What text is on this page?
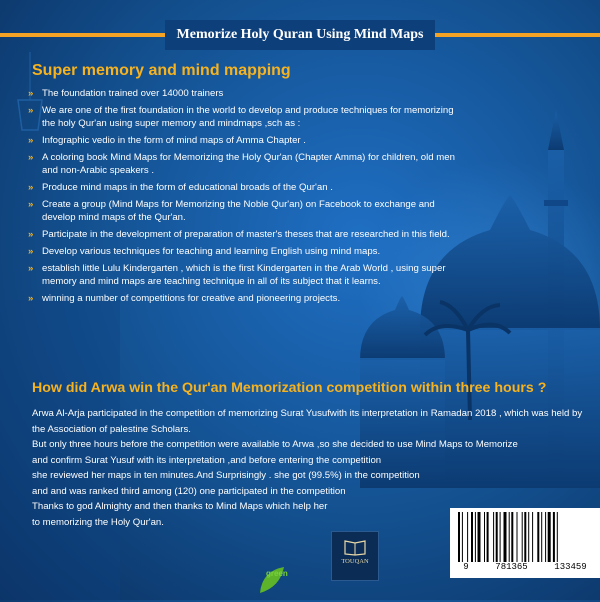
Memorize Holy Quran Using Mind Maps
Super memory and mind mapping
» The foundation trained over 14000 trainers
» We are one of the first foundation in the world to develop and produce techniques for memorizing the holy Qur'an using super memory and mindmaps ,sch as :
» Infographic vedio in the form of mind maps of Amma Chapter .
» A coloring book Mind Maps for Memorizing the Holy Qur'an (Chapter Amma) for children, old men and non-Arabic speakers .
» Produce mind maps in the form of educational broads of the Qur'an .
» Create a group (Mind Maps for Memorizing the Noble Qur'an) on Facebook to exchange and develop mind maps of the Qur'an.
» Participate in the development of preparation of master's theses that are researched in this field.
» Develop various techniques for teaching and learning English using mind maps.
» establish little Lulu Kindergarten , which is the first Kindergarten in the Arab World , using super memory and mind maps are teaching technique in all of its subject that it learns.
» winning a number of competitions for creative and pioneering projects.
How did Arwa win the Qur'an Memorization competition within three hours ?

Arwa Al-Arja participated in the competition of memorizing Surat Yusufwith its interpretation in Ramadan 2018 , which was held by

the Association of palestine Scholars.

But only three hours before the competition were available to Arwa ,so she decided to use Mind Maps to Memorize

and confirm Surat Yusuf with its interpretation ,and before entering the competition

she reviewed her maps in ten minutes.And Surprisingly . she got (99.5%) in the competition

and and was ranked third among (120) one participated in the competition

Thanks to god Almighty and then thanks to Mind Maps which help her

to memorizing the Holy Qur'an.

green
TOUQAN
9	781365	133459
